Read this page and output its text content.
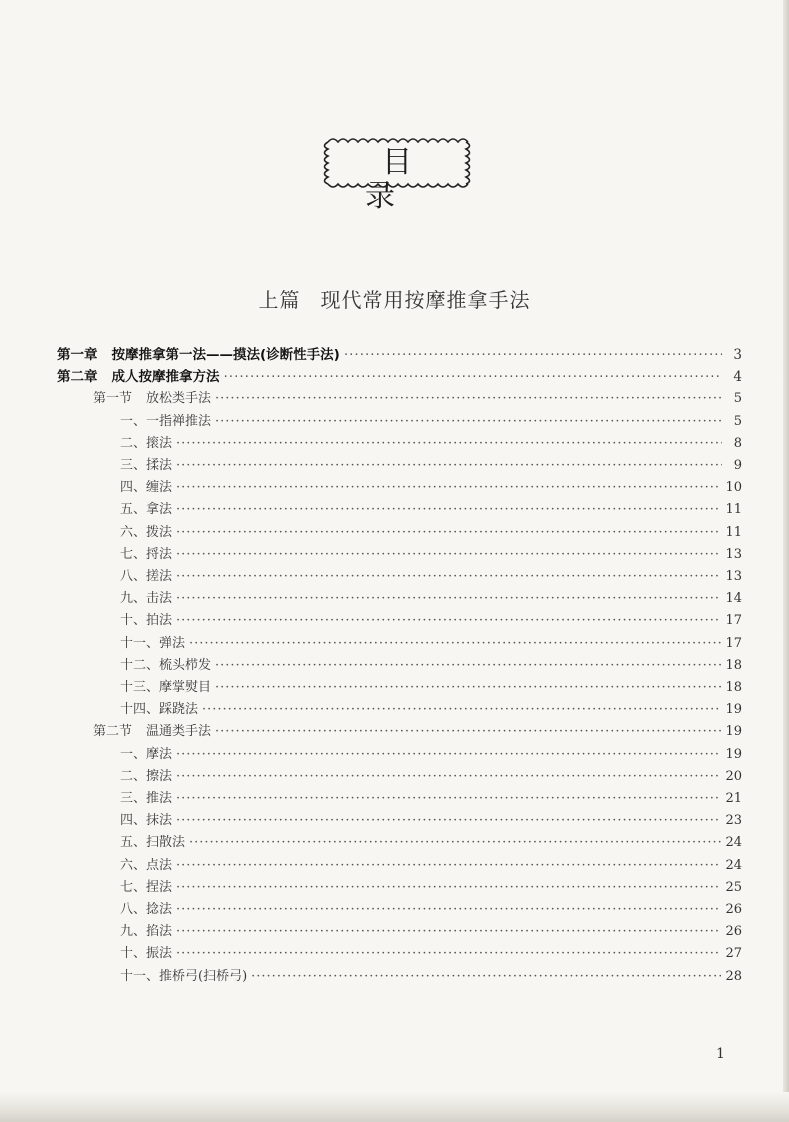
目录
上篇 现代常用按摩推拿手法
第一章 按摩推拿第一法——摸法(诊断性手法) ·····	3
第二章 成人按摩推拿方法 ·····	4
第一节 放松类手法 ·····	5
一、一指禅推法 ·····	5
二、㨰法 ·····	8
三、揉法 ·····	9
四、缠法 ·····	10
五、拿法 ·····	11
六、拨法 ·····	11
七、捋法 ·····	13
八、搓法 ·····	13
九、击法 ·····	14
十、拍法 ·····	17
十一、弹法 ·····	17
十二、梳头栉发 ·····	18
十三、摩掌熨目 ·····	18
十四、踩跷法 ·····	19
第二节 温通类手法 ·····	19
一、摩法 ·····	19
二、擦法 ·····	20
三、推法 ·····	21
四、抹法 ·····	23
五、扫散法 ·····	24
六、点法 ·····	24
七、捏法 ·····	25
八、捻法 ·····	26
九、掐法 ·····	26
十、振法 ·····	27
十一、推桥弓(扫桥弓) ·····	28
1
